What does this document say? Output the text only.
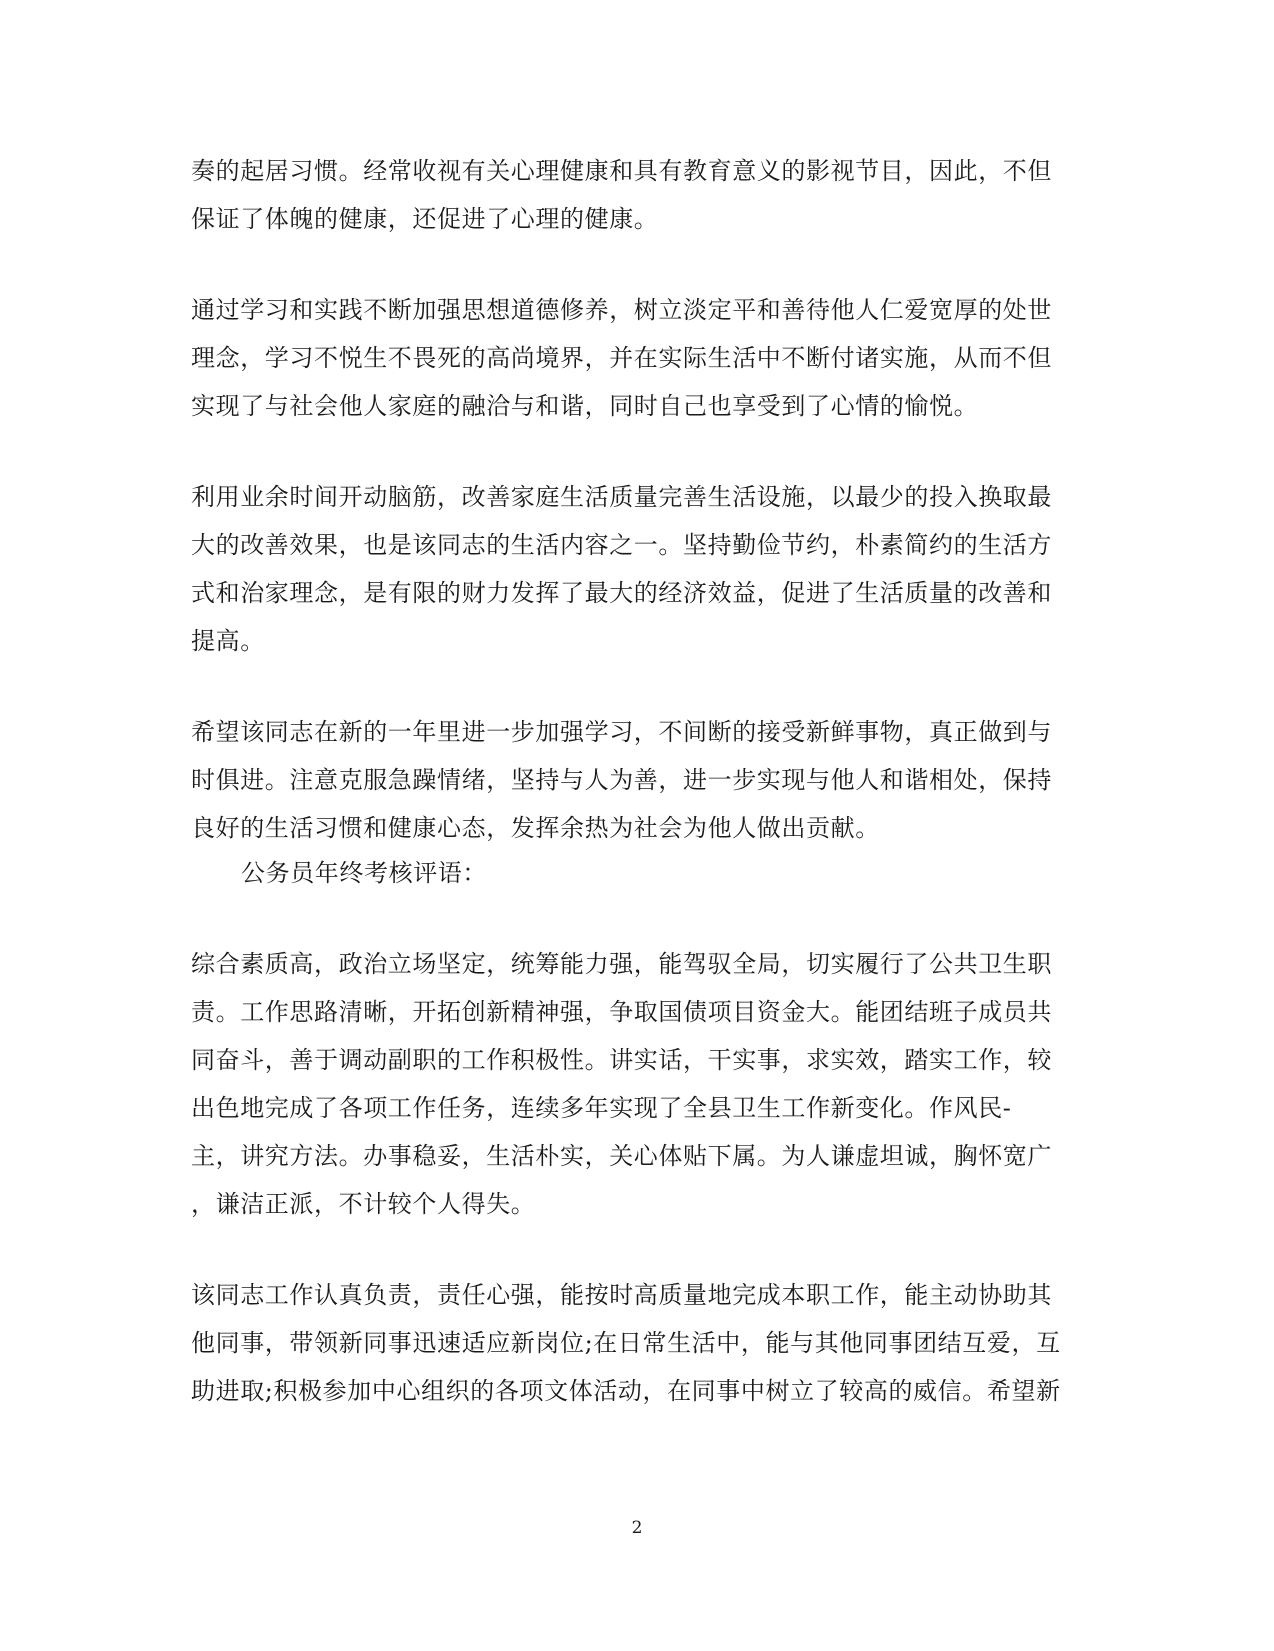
奏的起居习惯。经常收视有关心理健康和具有教育意义的影视节目，因此，不但
保证了体魄的健康，还促进了心理的健康。
通过学习和实践不断加强思想道德修养，树立淡定平和善待他人仁爱宽厚的处世
理念，学习不悦生不畏死的高尚境界，并在实际生活中不断付诸实施，从而不但
实现了与社会他人家庭的融洽与和谐，同时自己也享受到了心情的愉悦。
利用业余时间开动脑筋，改善家庭生活质量完善生活设施，以最少的投入换取最
大的改善效果，也是该同志的生活内容之一。坚持勤俭节约，朴素简约的生活方
式和治家理念，是有限的财力发挥了最大的经济效益，促进了生活质量的改善和
提高。
希望该同志在新的一年里进一步加强学习，不间断的接受新鲜事物，真正做到与
时俱进。注意克服急躁情绪，坚持与人为善，进一步实现与他人和谐相处，保持
良好的生活习惯和健康心态，发挥余热为社会为他人做出贡献。
公务员年终考核评语：
综合素质高，政治立场坚定，统筹能力强，能驾驭全局，切实履行了公共卫生职
责。工作思路清晰，开拓创新精神强，争取国债项目资金大。能团结班子成员共
同奋斗，善于调动副职的工作积极性。讲实话，干实事，求实效，踏实工作，较
出色地完成了各项工作任务，连续多年实现了全县卫生工作新变化。作风民-
主，讲究方法。办事稳妥，生活朴实，关心体贴下属。为人谦虚坦诚，胸怀宽广
，谦洁正派，不计较个人得失。
该同志工作认真负责，责任心强，能按时高质量地完成本职工作，能主动协助其
他同事，带领新同事迅速适应新岗位;在日常生活中，能与其他同事团结互爱，互
助进取;积极参加中心组织的各项文体活动，在同事中树立了较高的威信。希望新
2
